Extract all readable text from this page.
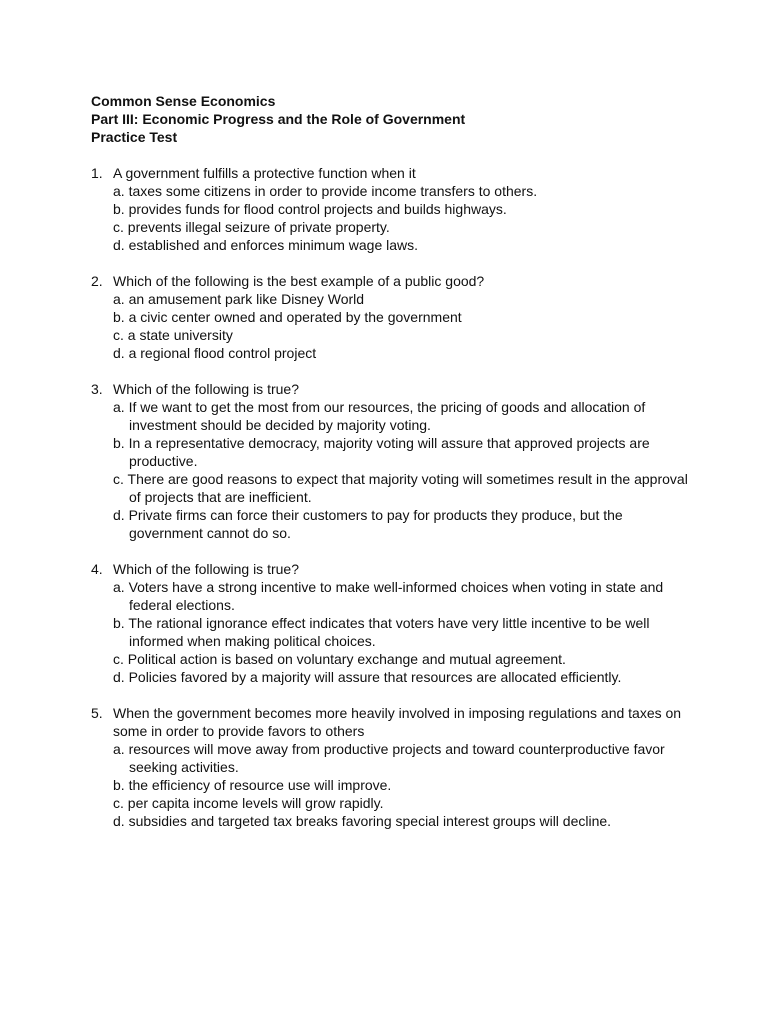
Common Sense Economics
Part III: Economic Progress and the Role of Government
Practice Test
1. A government fulfills a protective function when it
a. taxes some citizens in order to provide income transfers to others.
b. provides funds for flood control projects and builds highways.
c. prevents illegal seizure of private property.
d. established and enforces minimum wage laws.
2. Which of the following is the best example of a public good?
a. an amusement park like Disney World
b. a civic center owned and operated by the government
c. a state university
d. a regional flood control project
3. Which of the following is true?
a. If we want to get the most from our resources, the pricing of goods and allocation of investment should be decided by majority voting.
b. In a representative democracy, majority voting will assure that approved projects are productive.
c. There are good reasons to expect that majority voting will sometimes result in the approval of projects that are inefficient.
d. Private firms can force their customers to pay for products they produce, but the government cannot do so.
4. Which of the following is true?
a. Voters have a strong incentive to make well-informed choices when voting in state and federal elections.
b. The rational ignorance effect indicates that voters have very little incentive to be well informed when making political choices.
c. Political action is based on voluntary exchange and mutual agreement.
d. Policies favored by a majority will assure that resources are allocated efficiently.
5. When the government becomes more heavily involved in imposing regulations and taxes on some in order to provide favors to others
a. resources will move away from productive projects and toward counterproductive favor seeking activities.
b. the efficiency of resource use will improve.
c. per capita income levels will grow rapidly.
d. subsidies and targeted tax breaks favoring special interest groups will decline.
